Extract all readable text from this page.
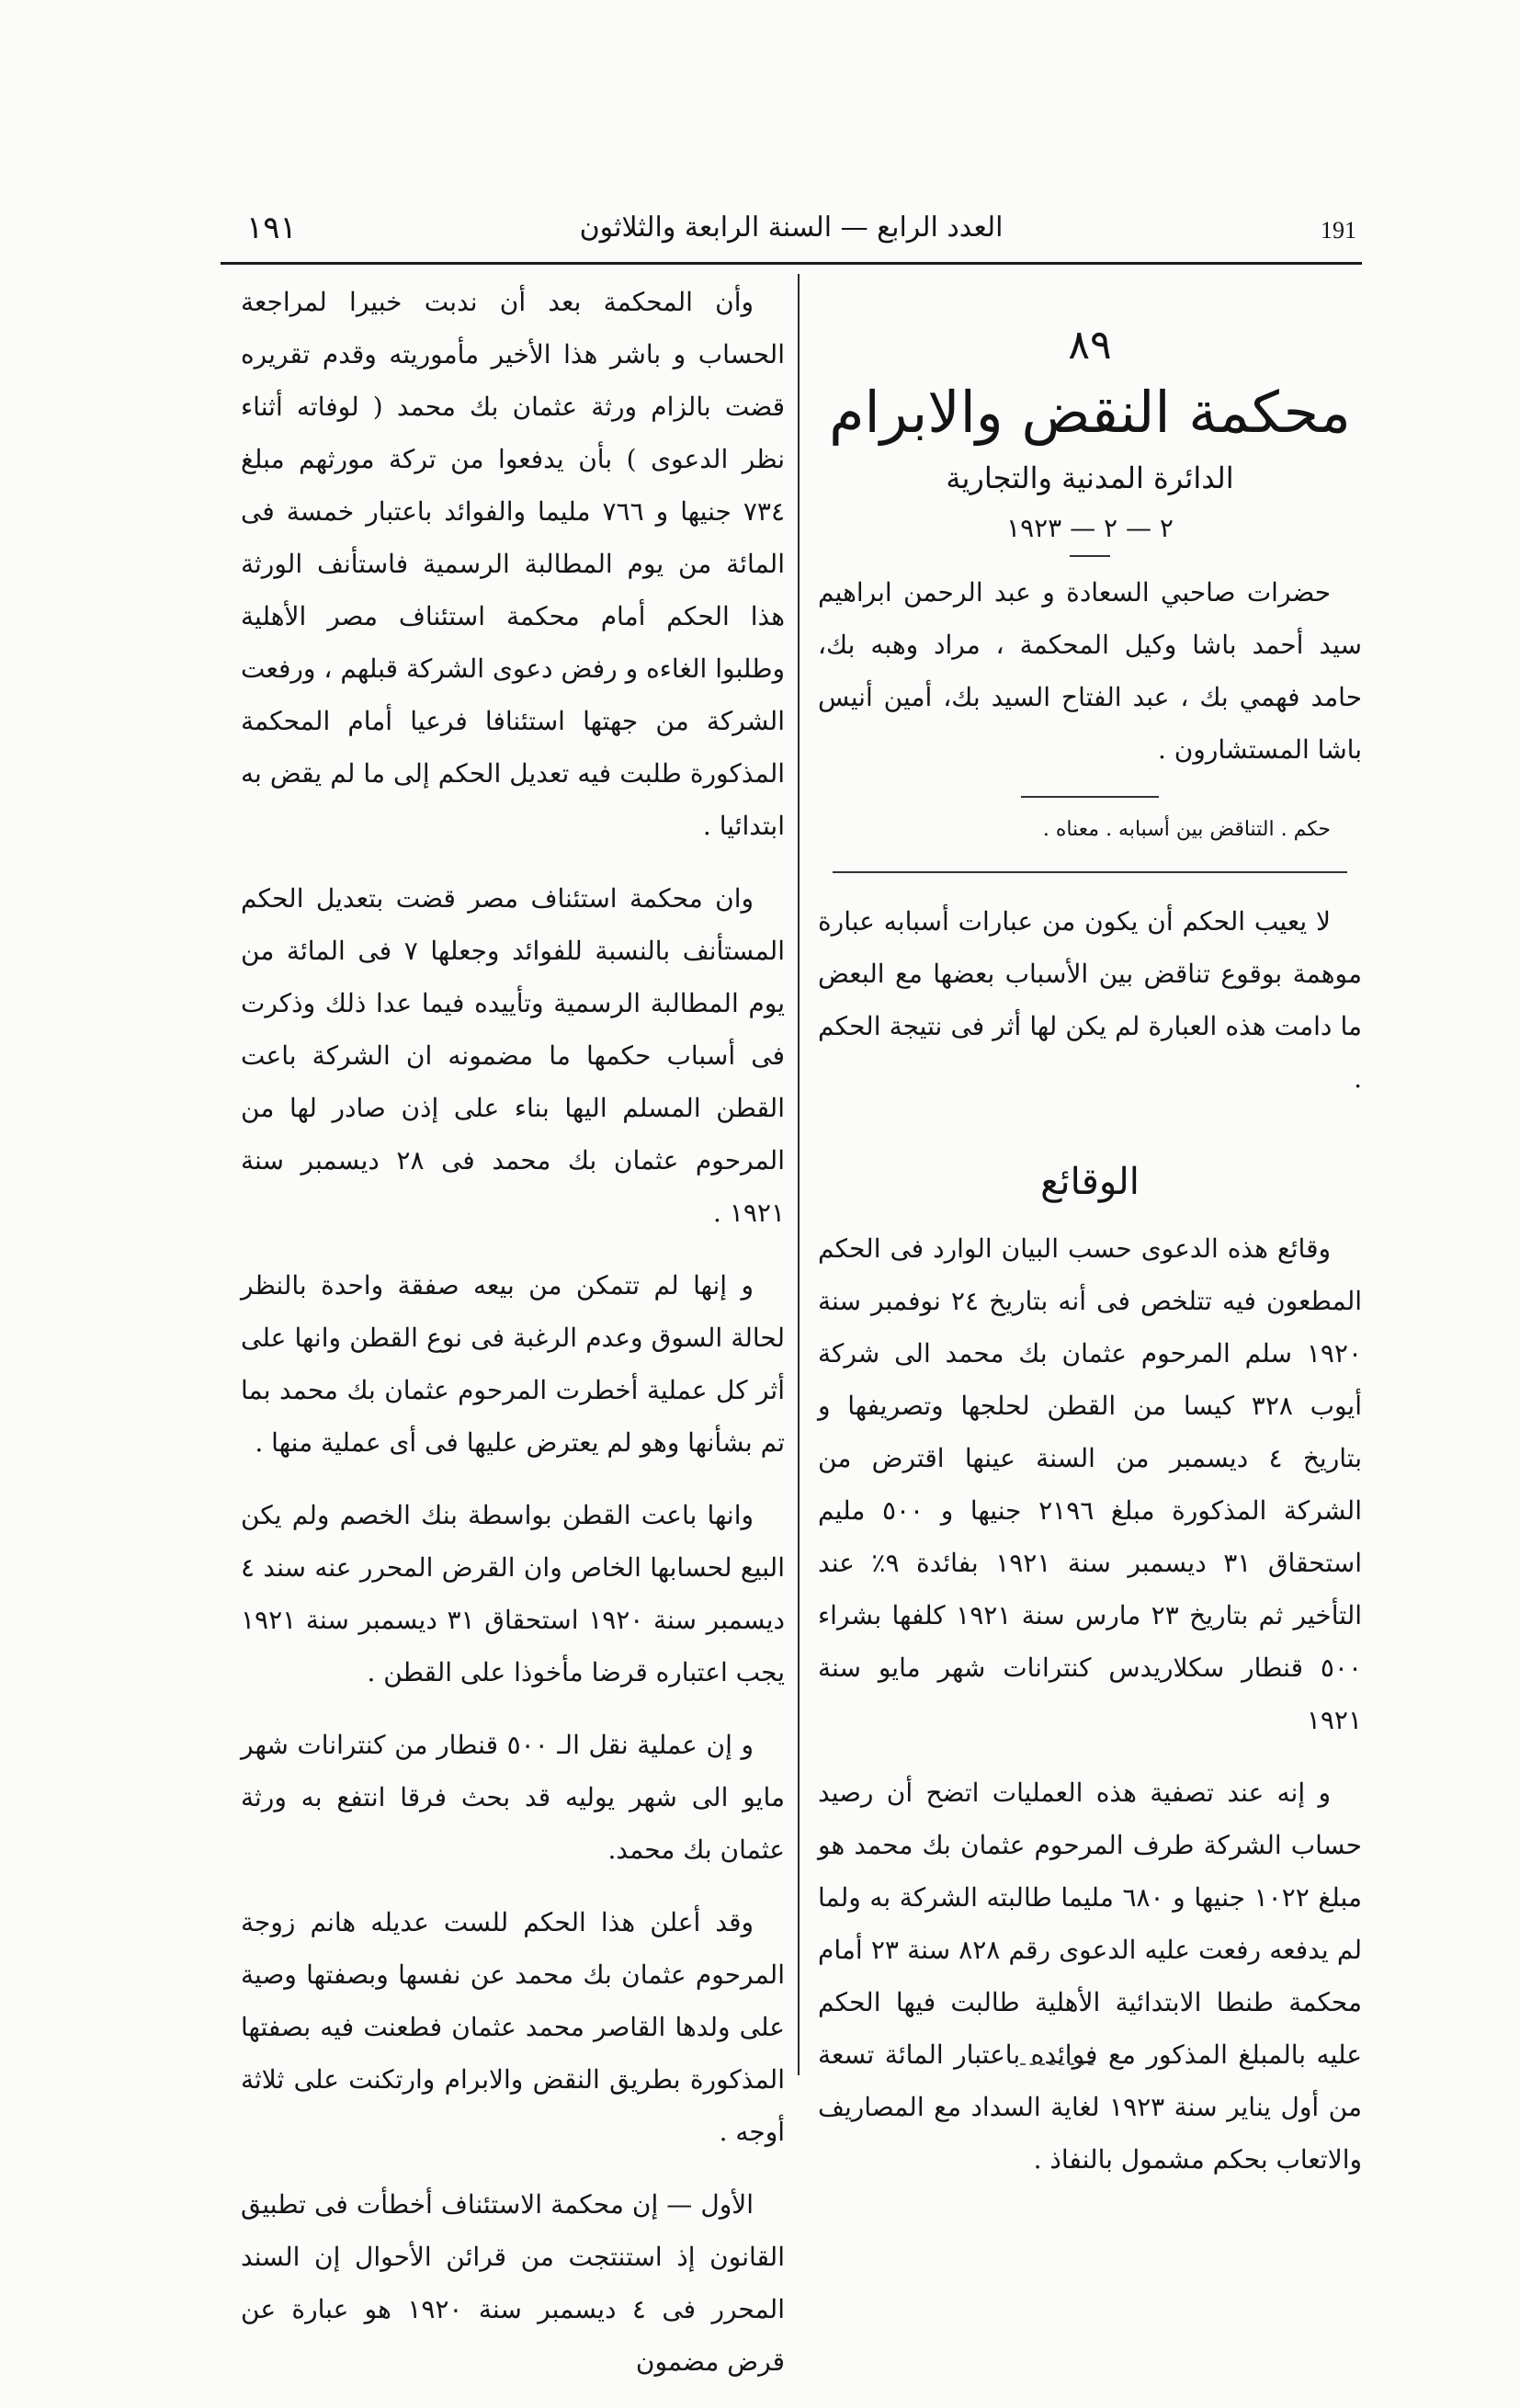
١٩١	العدد الرابع — السنة الرابعة والثلاثون	191
٨٩
محكمة النقض والابرام
الدائرة المدنية والتجارية
٢ — ٢ — ١٩٢٣

حضرات صاحبي السعادة و عبد الرحمن ابراهيم سيد أحمد باشا وكيل المحكمة ، مراد وهبه بك، حامد فهمي بك ، عبد الفتاح السيد بك، أمين أنيس باشا المستشارون .

حكم . التناقض بين أسبابه . معناه .

لا يعيب الحكم أن يكون من عبارات أسبابه عبارة موهمة بوقوع تناقض بين الأسباب بعضها مع البعض ما دامت هذه العبارة لم يكن لها أثر فى نتيجة الحكم .

الوقائع

وقائع هذه الدعوى حسب البيان الوارد فى الحكم المطعون فيه تتلخص فى أنه بتاريخ ٢٤ نوفمبر سنة ١٩٢٠ سلم المرحوم عثمان بك محمد الى شركة أيوب ٣٢٨ كيسا من القطن لحلجها وتصريفها و بتاريخ ٤ ديسمبر من السنة عينها اقترض من الشركة المذكورة مبلغ ٢١٩٦ جنيها و ٥٠٠ مليم استحقاق ٣١ ديسمبر سنة ١٩٢١ بفائدة ٩٪ عند التأخير ثم بتاريخ ٢٣ مارس سنة ١٩٢١ كلفها بشراء ٥٠٠ قنطار سكلاريدس كنترانات شهر مايو سنة ١٩٢١

و إنه عند تصفية هذه العمليات اتضح أن رصيد حساب الشركة طرف المرحوم عثمان بك محمد هو مبلغ ١٠٢٢ جنيها و ٦٨٠ مليما طالبته الشركة به ولما لم يدفعه رفعت عليه الدعوى رقم ٨٢٨ سنة ٢٣ أمام محكمة طنطا الابتدائية الأهلية طالبت فيها الحكم عليه بالمبلغ المذكور مع فوائده باعتبار المائة تسعة من أول يناير سنة ١٩٢٣ لغاية السداد مع المصاريف والاتعاب بحكم مشمول بالنفاذ .

وأن المحكمة بعد أن ندبت خبيرا لمراجعة الحساب و باشر هذا الأخير مأموريته وقدم تقريره قضت بالزام ورثة عثمان بك محمد ( لوفاته أثناء نظر الدعوى ) بأن يدفعوا من تركة مورثهم مبلغ ٧٣٤ جنيها و ٧٦٦ مليما والفوائد باعتبار خمسة فى المائة من يوم المطالبة الرسمية فاستأنف الورثة هذا الحكم أمام محكمة استئناف مصر الأهلية وطلبوا الغاءه و رفض دعوى الشركة قبلهم ، ورفعت الشركة من جهتها استئنافا فرعيا أمام المحكمة المذكورة طلبت فيه تعديل الحكم إلى ما لم يقض به ابتدائيا .

وان محكمة استئناف مصر قضت بتعديل الحكم المستأنف بالنسبة للفوائد وجعلها ٧ فى المائة من يوم المطالبة الرسمية وتأييده فيما عدا ذلك وذكرت فى أسباب حكمها ما مضمونه ان الشركة باعت القطن المسلم اليها بناء على إذن صادر لها من المرحوم عثمان بك محمد فى ٢٨ ديسمبر سنة ١٩٢١ .

و إنها لم تتمكن من بيعه صفقة واحدة بالنظر لحالة السوق وعدم الرغبة فى نوع القطن وانها على أثر كل عملية أخطرت المرحوم عثمان بك محمد بما تم بشأنها وهو لم يعترض عليها فى أى عملية منها .

وانها باعت القطن بواسطة بنك الخصم ولم يكن البيع لحسابها الخاص وان القرض المحرر عنه سند ٤ ديسمبر سنة ١٩٢٠ استحقاق ٣١ ديسمبر سنة ١٩٢١ يجب اعتباره قرضا مأخوذا على القطن .

و إن عملية نقل الـ ٥٠٠ قنطار من كنترانات شهر مايو الى شهر يوليه قد بحث فرقا انتفع به ورثة عثمان بك محمد.

وقد أعلن هذا الحكم للست عديله هانم زوجة المرحوم عثمان بك محمد عن نفسها وبصفتها وصية على ولدها القاصر محمد عثمان فطعنت فيه بصفتها المذكورة بطريق النقض والابرام وارتكنت على ثلاثة أوجه .

الأول — إن محكمة الاستئناف أخطأت فى تطبيق القانون إذ استنتجت من قرائن الأحوال إن السند المحرر فى ٤ ديسمبر سنة ١٩٢٠ هو عبارة عن قرض مضمون
